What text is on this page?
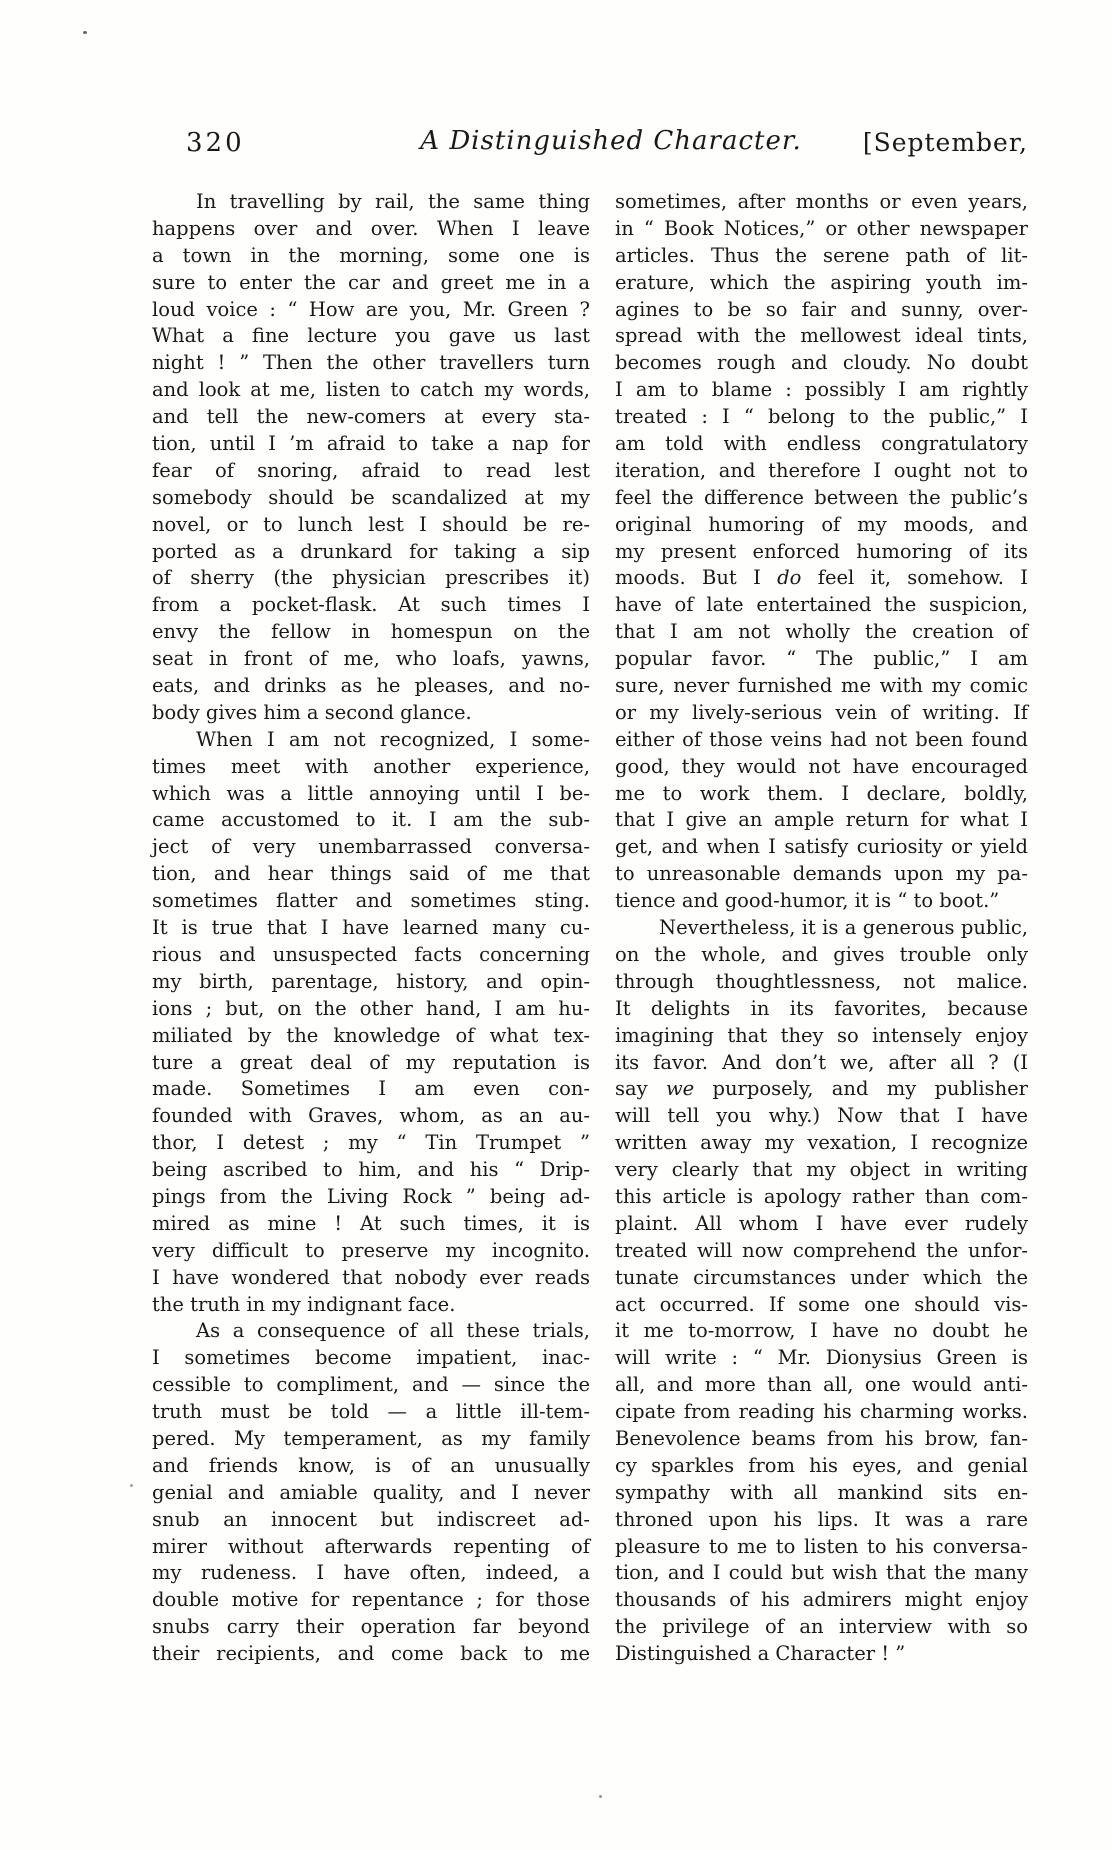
320	A Distinguished Character. [September,
In travelling by rail, the same thing
happens over and over. When I leave
a town in the morning, some one is
sure to enter the car and greet me in a
loud voice : “ How are you, Mr. Green ?
What a fine lecture you gave us last
night ! ” Then the other travellers turn
and look at me, listen to catch my words,
and tell the new-comers at every sta-
tion, until I ’m afraid to take a nap for
fear of snoring, afraid to read lest
somebody should be scandalized at my
novel, or to lunch lest I should be re-
ported as a drunkard for taking a sip
of sherry (the physician prescribes it)
from a pocket-flask. At such times I
envy the fellow in homespun on the
seat in front of me, who loafs, yawns,
eats, and drinks as he pleases, and no-
body gives him a second glance.
When I am not recognized, I some-
times meet with another experience,
which was a little annoying until I be-
came accustomed to it. I am the sub-
ject of very unembarrassed conversa-
tion, and hear things said of me that
sometimes flatter and sometimes sting.
It is true that I have learned many cu-
rious and unsuspected facts concerning
my birth, parentage, history, and opin-
ions ; but, on the other hand, I am hu-
miliated by the knowledge of what tex-
ture a great deal of my reputation is
made. Sometimes I am even con-
founded with Graves, whom, as an au-
thor, I detest ; my “ Tin Trumpet ”
being ascribed to him, and his “ Drip-
pings from the Living Rock ” being ad-
mired as mine ! At such times, it is
very difficult to preserve my incognito.
I have wondered that nobody ever reads
the truth in my indignant face.
As a consequence of all these trials,
I sometimes become impatient, inac-
cessible to compliment, and — since the
truth must be told — a little ill-tem-
pered. My temperament, as my family
and friends know, is of an unusually
genial and amiable quality, and I never
snub an innocent but indiscreet ad-
mirer without afterwards repenting of
my rudeness. I have often, indeed, a
double motive for repentance ; for those
snubs carry their operation far beyond
their recipients, and come back to me
sometimes, after months or even years,
in “ Book Notices,” or other newspaper
articles. Thus the serene path of lit-
erature, which the aspiring youth im-
agines to be so fair and sunny, over-
spread with the mellowest ideal tints,
becomes rough and cloudy. No doubt
I am to blame : possibly I am rightly
treated : I “ belong to the public,” I
am told with endless congratulatory
iteration, and therefore I ought not to
feel the difference between the public’s
original humoring of my moods, and
my present enforced humoring of its
moods. But I do feel it, somehow. I
have of late entertained the suspicion,
that I am not wholly the creation of
popular favor. “ The public,” I am
sure, never furnished me with my comic
or my lively-serious vein of writing. If
either of those veins had not been found
good, they would not have encouraged
me to work them. I declare, boldly,
that I give an ample return for what I
get, and when I satisfy curiosity or yield
to unreasonable demands upon my pa-
tience and good-humor, it is “ to boot.”
Nevertheless, it is a generous public,
on the whole, and gives trouble only
through thoughtlessness, not malice.
It delights in its favorites, because
imagining that they so intensely enjoy
its favor. And don’t we, after all ? (I
say we purposely, and my publisher
will tell you why.) Now that I have
written away my vexation, I recognize
very clearly that my object in writing
this article is apology rather than com-
plaint. All whom I have ever rudely
treated will now comprehend the unfor-
tunate circumstances under which the
act occurred. If some one should vis-
it me to-morrow, I have no doubt he
will write : “ Mr. Dionysius Green is
all, and more than all, one would anti-
cipate from reading his charming works.
Benevolence beams from his brow, fan-
cy sparkles from his eyes, and genial
sympathy with all mankind sits en-
throned upon his lips. It was a rare
pleasure to me to listen to his conversa-
tion, and I could but wish that the many
thousands of his admirers might enjoy
the privilege of an interview with so
Distinguished a Character ! ”
